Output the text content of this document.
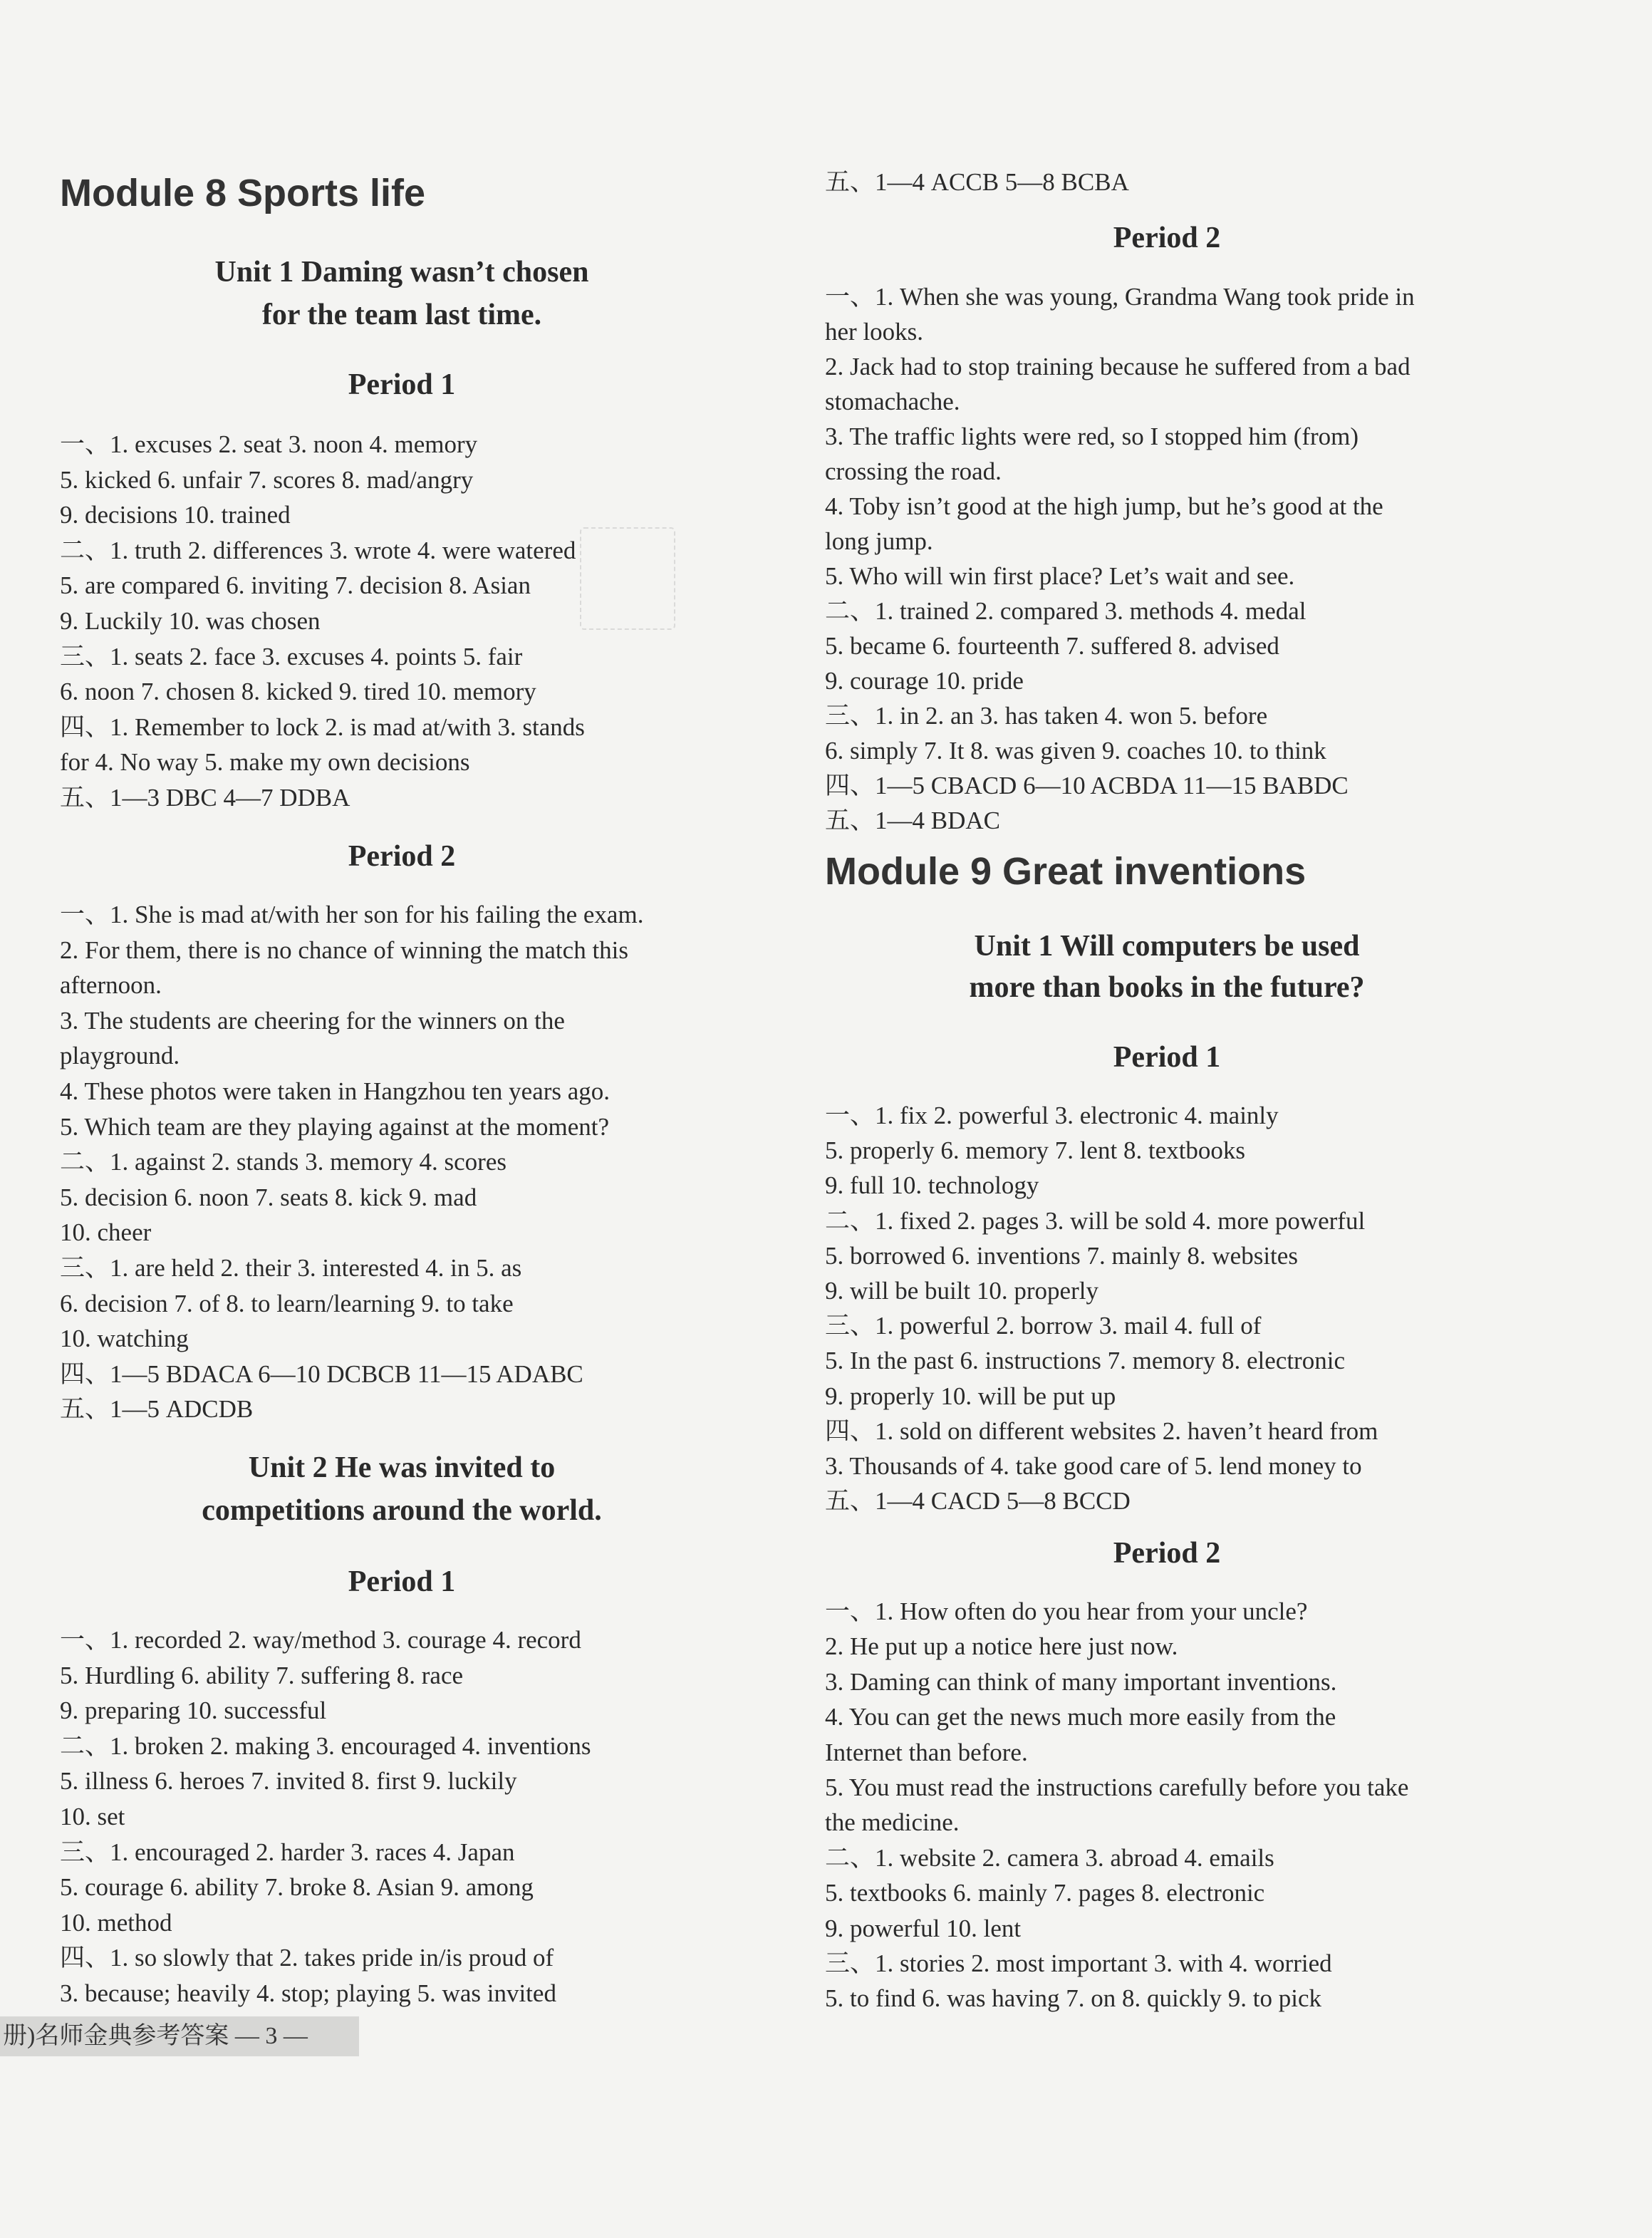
Module 8 Sports life
Unit 1 Daming wasn’t chosen
for the team last time.
Period 1
一、1. excuses 2. seat 3. noon 4. memory
5. kicked 6. unfair 7. scores 8. mad/angry
9. decisions 10. trained
二、1. truth 2. differences 3. wrote 4. were watered
5. are compared 6. inviting 7. decision 8. Asian
9. Luckily 10. was chosen
三、1. seats 2. face 3. excuses 4. points 5. fair
6. noon 7. chosen 8. kicked 9. tired 10. memory
四、1. Remember to lock 2. is mad at/with 3. stands
for 4. No way 5. make my own decisions
五、1—3 DBC 4—7 DDBA
Period 2
一、1. She is mad at/with her son for his failing the exam.
2. For them, there is no chance of winning the match this
afternoon.
3. The students are cheering for the winners on the
playground.
4. These photos were taken in Hangzhou ten years ago.
5. Which team are they playing against at the moment?
二、1. against 2. stands 3. memory 4. scores
5. decision 6. noon 7. seats 8. kick 9. mad
10. cheer
三、1. are held 2. their 3. interested 4. in 5. as
6. decision 7. of 8. to learn/learning 9. to take
10. watching
四、1—5 BDACA 6—10 DCBCB 11—15 ADABC
五、1—5 ADCDB
Unit 2 He was invited to
competitions around the world.
Period 1
一、1. recorded 2. way/method 3. courage 4. record
5. Hurdling 6. ability 7. suffering 8. race
9. preparing 10. successful
二、1. broken 2. making 3. encouraged 4. inventions
5. illness 6. heroes 7. invited 8. first 9. luckily
10. set
三、1. encouraged 2. harder 3. races 4. Japan
5. courage 6. ability 7. broke 8. Asian 9. among
10. method
四、1. so slowly that 2. takes pride in/is proud of
3. because; heavily 4. stop; playing 5. was invited
册)名师金典参考答案 — 3 —
五、1—4 ACCB 5—8 BCBA
Period 2
一、1. When she was young, Grandma Wang took pride in
her looks.
2. Jack had to stop training because he suffered from a bad
stomachache.
3. The traffic lights were red, so I stopped him (from)
crossing the road.
4. Toby isn’t good at the high jump, but he’s good at the
long jump.
5. Who will win first place? Let’s wait and see.
二、1. trained 2. compared 3. methods 4. medal
5. became 6. fourteenth 7. suffered 8. advised
9. courage 10. pride
三、1. in 2. an 3. has taken 4. won 5. before
6. simply 7. It 8. was given 9. coaches 10. to think
四、1—5 CBACD 6—10 ACBDA 11—15 BABDC
五、1—4 BDAC
Module 9 Great inventions
Unit 1 Will computers be used
more than books in the future?
Period 1
一、1. fix 2. powerful 3. electronic 4. mainly
5. properly 6. memory 7. lent 8. textbooks
9. full 10. technology
二、1. fixed 2. pages 3. will be sold 4. more powerful
5. borrowed 6. inventions 7. mainly 8. websites
9. will be built 10. properly
三、1. powerful 2. borrow 3. mail 4. full of
5. In the past 6. instructions 7. memory 8. electronic
9. properly 10. will be put up
四、1. sold on different websites 2. haven’t heard from
3. Thousands of 4. take good care of 5. lend money to
五、1—4 CACD 5—8 BCCD
Period 2
一、1. How often do you hear from your uncle?
2. He put up a notice here just now.
3. Daming can think of many important inventions.
4. You can get the news much more easily from the
Internet than before.
5. You must read the instructions carefully before you take
the medicine.
二、1. website 2. camera 3. abroad 4. emails
5. textbooks 6. mainly 7. pages 8. electronic
9. powerful 10. lent
三、1. stories 2. most important 3. with 4. worried
5. to find 6. was having 7. on 8. quickly 9. to pick
